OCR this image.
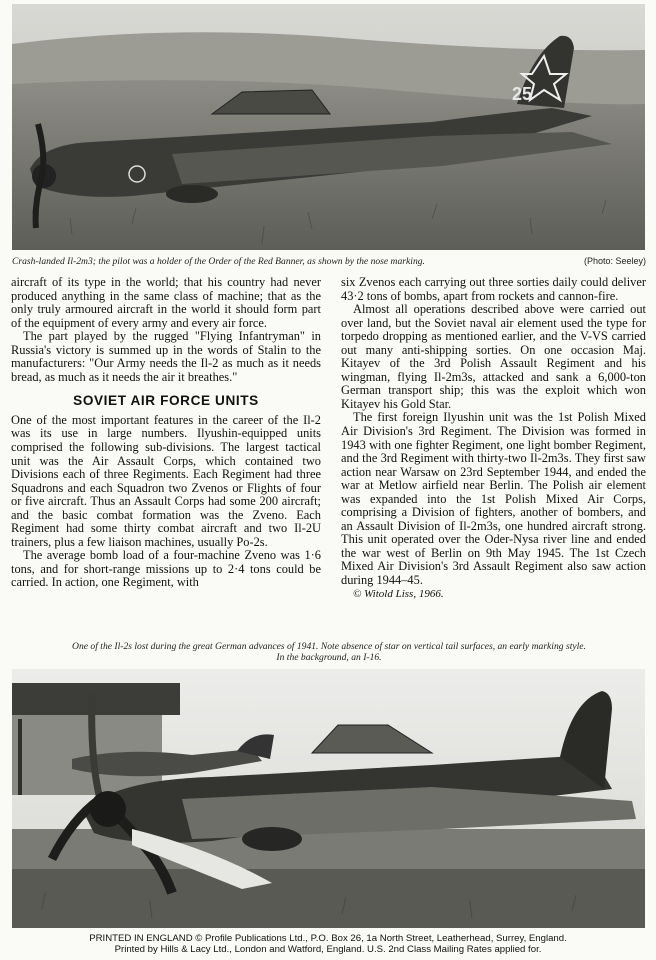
25
Crash-landed Il-2m3; the pilot was a holder of the Order of the Red Banner, as shown by the nose marking.	(Photo: Seeley)

aircraft of its type in the world; that his country had never produced anything in the same class of machine; that as the only truly armoured aircraft in the world it should form part of the equipment of every army and every air force.

The part played by the rugged "Flying Infantryman" in Russia's victory is summed up in the words of Stalin to the manufacturers: "Our Army needs the Il-2 as much as it needs bread, as much as it needs the air it breathes."

SOVIET AIR FORCE UNITS

One of the most important features in the career of the Il-2 was its use in large numbers. Ilyushin-equipped units comprised the following sub-divisions. The largest tactical unit was the Air Assault Corps, which contained two Divisions each of three Regiments. Each Regiment had three Squadrons and each Squadron two Zvenos or Flights of four or five aircraft. Thus an Assault Corps had some 200 aircraft; and the basic combat formation was the Zveno. Each Regiment had some thirty combat aircraft and two Il-2U trainers, plus a few liaison machines, usually Po-2s.

The average bomb load of a four-machine Zveno was 1·6 tons, and for short-range missions up to 2·4 tons could be carried. In action, one Regiment, with

six Zvenos each carrying out three sorties daily could deliver 43·2 tons of bombs, apart from rockets and cannon-fire.

Almost all operations described above were carried out over land, but the Soviet naval air element used the type for torpedo dropping as mentioned earlier, and the V-VS carried out many anti-shipping sorties. On one occasion Maj. Kitayev of the 3rd Polish Assault Regiment and his wingman, flying Il-2m3s, attacked and sank a 6,000-ton German transport ship; this was the exploit which won Kitayev his Gold Star.

The first foreign Ilyushin unit was the 1st Polish Mixed Air Division's 3rd Regiment. The Division was formed in 1943 with one fighter Regiment, one light bomber Regiment, and the 3rd Regiment with thirty-two Il-2m3s. They first saw action near Warsaw on 23rd September 1944, and ended the war at Metlow airfield near Berlin. The Polish air element was expanded into the 1st Polish Mixed Air Corps, comprising a Division of fighters, another of bombers, and an Assault Division of Il-2m3s, one hundred aircraft strong. This unit operated over the Oder-Nysa river line and ended the war west of Berlin on 9th May 1945. The 1st Czech Mixed Air Division's 3rd Assault Regiment also saw action during 1944–45.

© Witold Liss, 1966.

One of the Il-2s lost during the great German advances of 1941. Note absence of star on vertical tail surfaces, an early marking style.
In the background, an I-16.
PRINTED IN ENGLAND © Profile Publications Ltd., P.O. Box 26, 1a North Street, Leatherhead, Surrey, England.
Printed by Hills & Lacy Ltd., London and Watford, England. U.S. 2nd Class Mailing Rates applied for.
